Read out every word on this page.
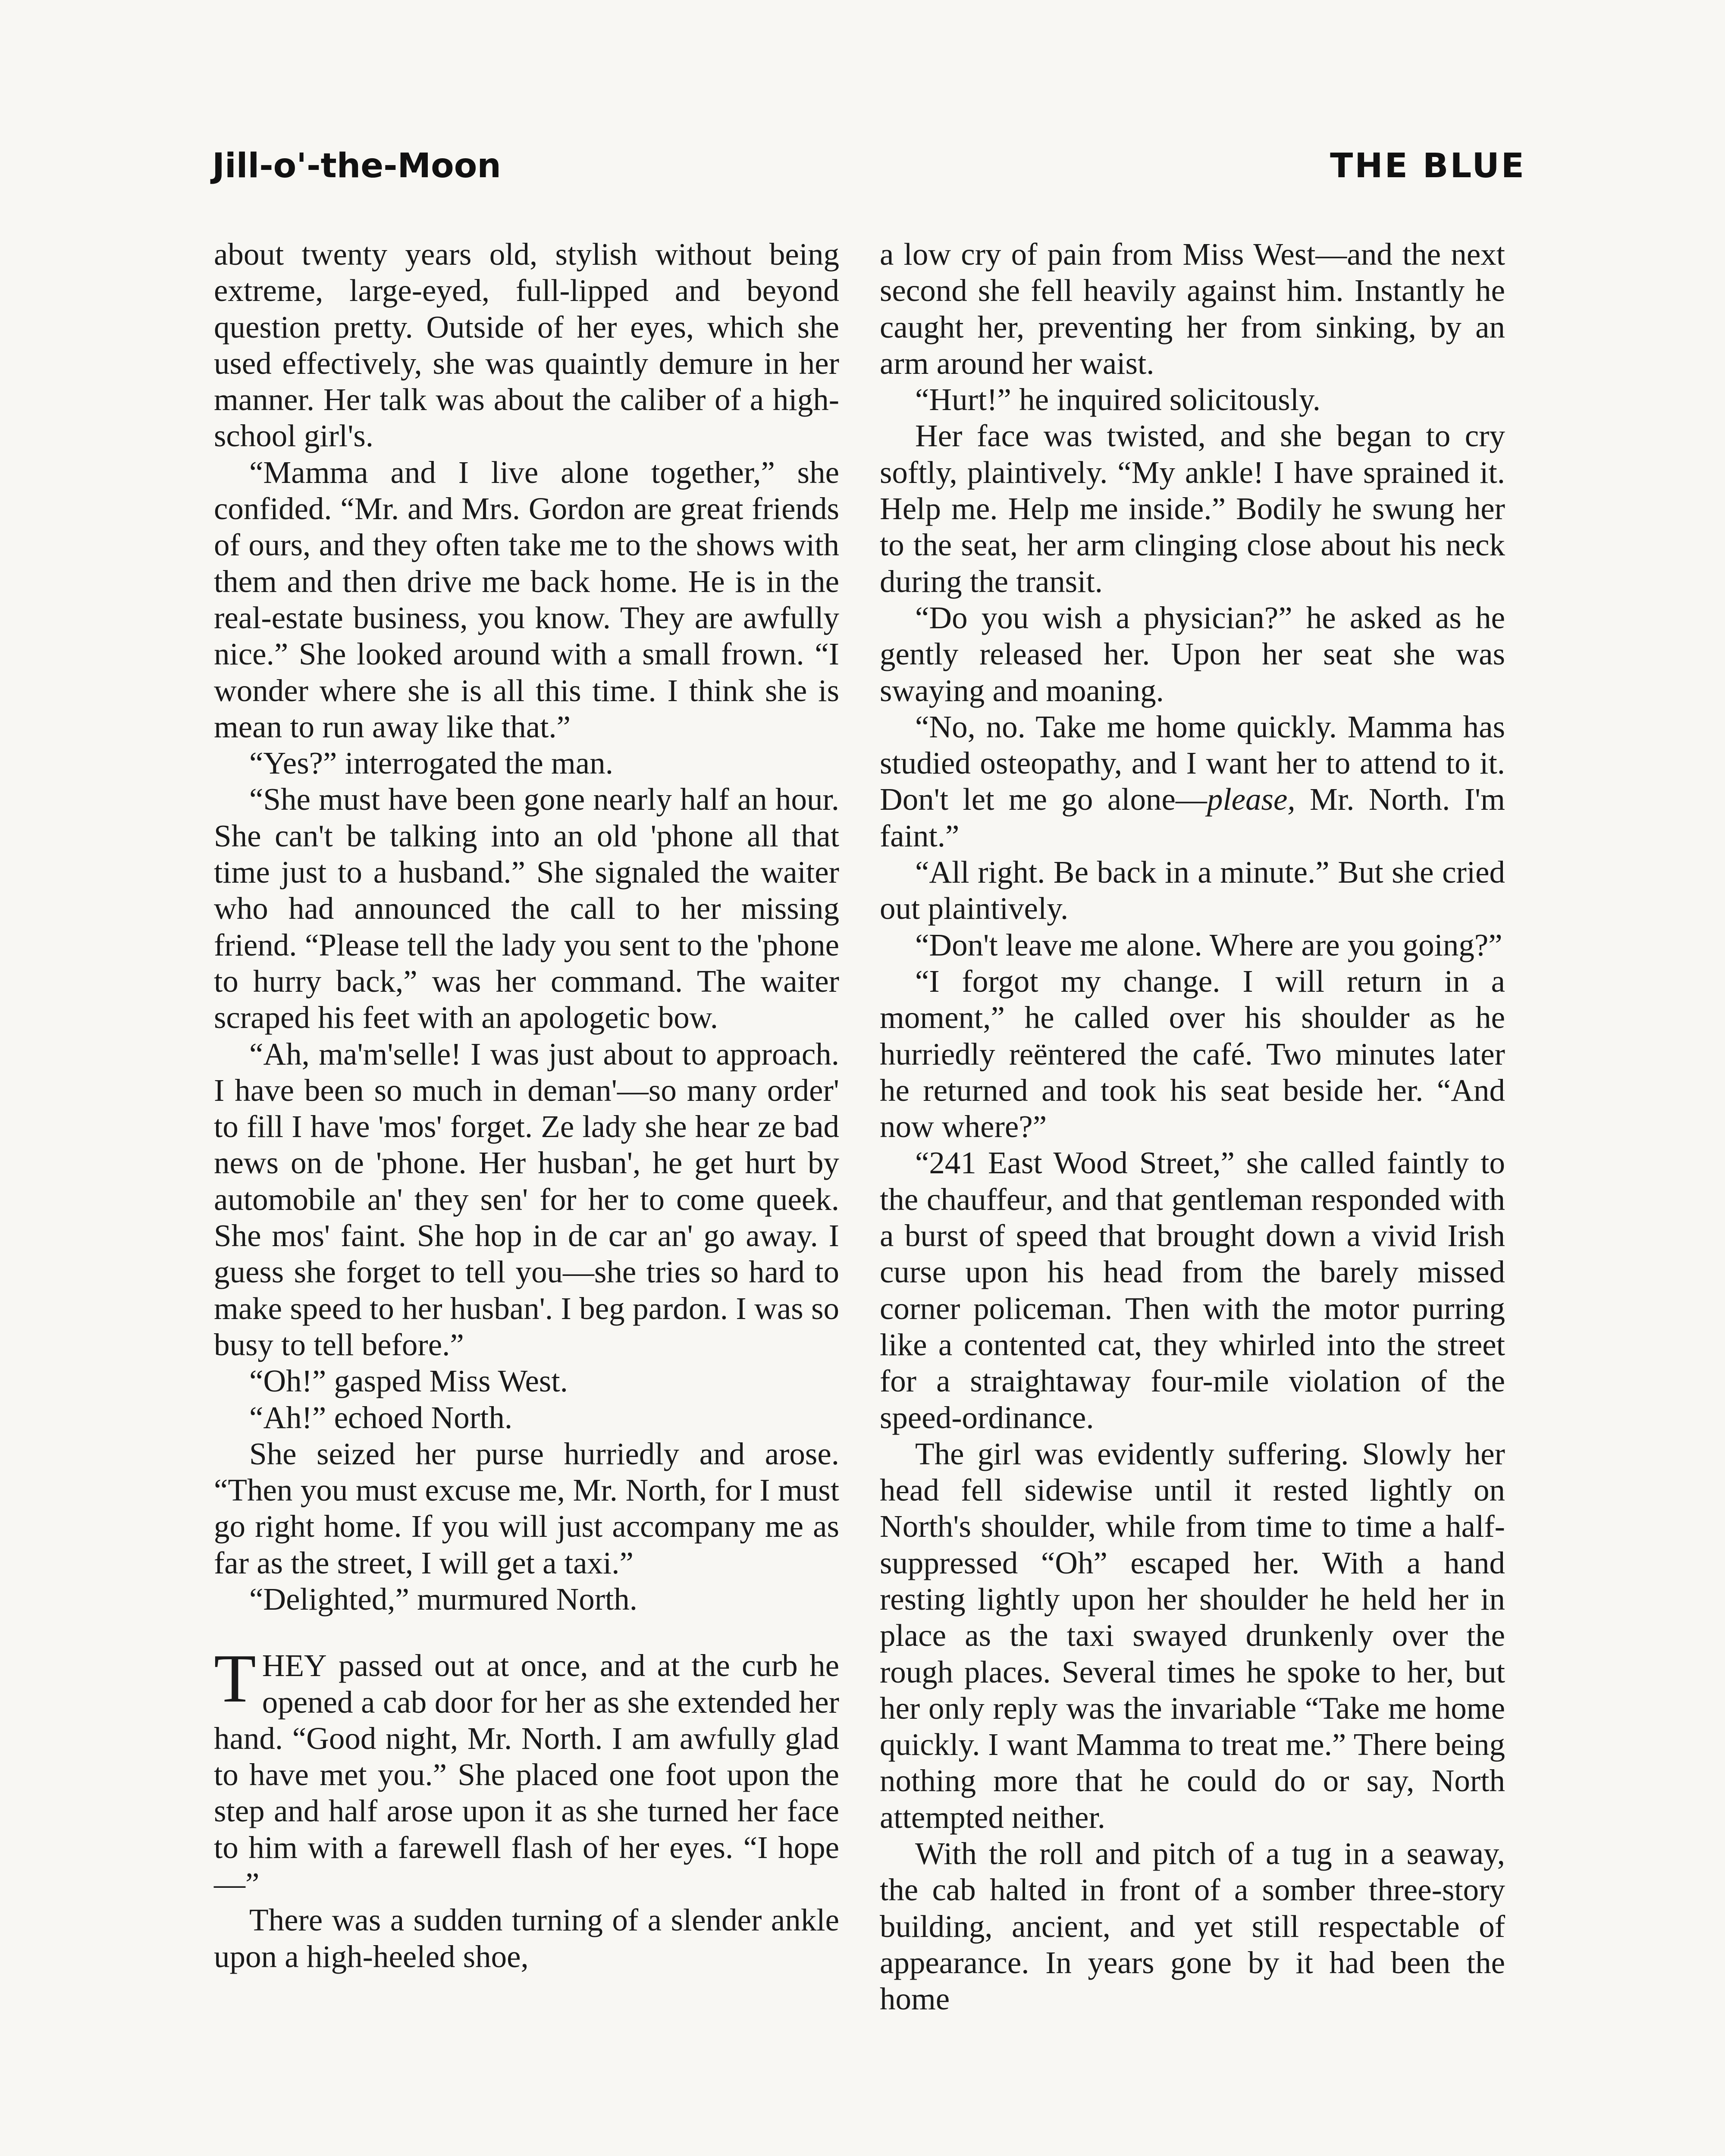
Jill-o'-the-Moon	THE BLUE

about twenty years old, stylish without being extreme, large-eyed, full-lipped and beyond question pretty. Outside of her eyes, which she used effectively, she was quaintly demure in her manner. Her talk was about the caliber of a high-school girl's.

“Mamma and I live alone together,” she confided. “Mr. and Mrs. Gordon are great friends of ours, and they often take me to the shows with them and then drive me back home. He is in the real-estate business, you know. They are awfully nice.” She looked around with a small frown. “I wonder where she is all this time. I think she is mean to run away like that.”

“Yes?” interrogated the man.

“She must have been gone nearly half an hour. She can't be talking into an old 'phone all that time just to a husband.” She signaled the waiter who had announced the call to her missing friend. “Please tell the lady you sent to the 'phone to hurry back,” was her command. The waiter scraped his feet with an apologetic bow.

“Ah, ma'm'selle! I was just about to approach. I have been so much in deman'—so many order' to fill I have 'mos' forget. Ze lady she hear ze bad news on de 'phone. Her husban', he get hurt by automobile an' they sen' for her to come queek. She mos' faint. She hop in de car an' go away. I guess she forget to tell you—she tries so hard to make speed to her husban'. I beg pardon. I was so busy to tell before.”

“Oh!” gasped Miss West.

“Ah!” echoed North.

She seized her purse hurriedly and arose. “Then you must excuse me, Mr. North, for I must go right home. If you will just accompany me as far as the street, I will get a taxi.”

“Delighted,” murmured North.

THEY passed out at once, and at the curb he opened a cab door for her as she extended her hand. “Good night, Mr. North. I am awfully glad to have met you.” She placed one foot upon the step and half arose upon it as she turned her face to him with a farewell flash of her eyes. “I hope—”

There was a sudden turning of a slender ankle upon a high-heeled shoe,

a low cry of pain from Miss West—and the next second she fell heavily against him. Instantly he caught her, preventing her from sinking, by an arm around her waist.

“Hurt!” he inquired solicitously.

Her face was twisted, and she began to cry softly, plaintively. “My ankle! I have sprained it. Help me. Help me inside.” Bodily he swung her to the seat, her arm clinging close about his neck during the transit.

“Do you wish a physician?” he asked as he gently released her. Upon her seat she was swaying and moaning.

“No, no. Take me home quickly. Mamma has studied osteopathy, and I want her to attend to it. Don't let me go alone—please, Mr. North. I'm faint.”

“All right. Be back in a minute.” But she cried out plaintively.

“Don't leave me alone. Where are you going?”

“I forgot my change. I will return in a moment,” he called over his shoulder as he hurriedly reëntered the café. Two minutes later he returned and took his seat beside her. “And now where?”

“241 East Wood Street,” she called faintly to the chauffeur, and that gentleman responded with a burst of speed that brought down a vivid Irish curse upon his head from the barely missed corner policeman. Then with the motor purring like a contented cat, they whirled into the street for a straightaway four-mile violation of the speed-ordinance.

The girl was evidently suffering. Slowly her head fell sidewise until it rested lightly on North's shoulder, while from time to time a half-suppressed “Oh” escaped her. With a hand resting lightly upon her shoulder he held her in place as the taxi swayed drunkenly over the rough places. Several times he spoke to her, but her only reply was the invariable “Take me home quickly. I want Mamma to treat me.” There being nothing more that he could do or say, North attempted neither.

With the roll and pitch of a tug in a seaway, the cab halted in front of a somber three-story building, ancient, and yet still respectable of appearance. In years gone by it had been the home
